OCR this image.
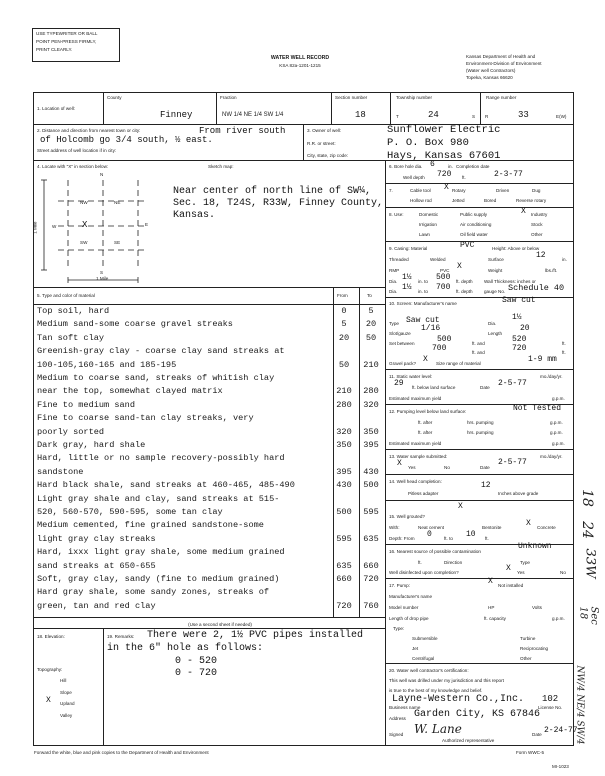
USE TYPEWRITER OR BALL
POINT PEN-PRESS FIRMLY,
PRINT CLEARLY.
WATER WELL RECORD
KSA 82a-1201-1215
Kansas Department of Health and
Environment-Division of Environment
(Water well Contractors)
Topeka, Kansas 66620
1. Location of well:
County
Finney
Fraction
NW 1/4 NE 1/4 SW 1/4
Section number
18
Township number
T	24	S
Range number
R	33	E(W)
2. Distance and direction from nearest town or city:	From river south
of Holcomb go 3/4 south, ½ east.
Street address of well location if in city:
3. Owner of well:
R.R. or street:
City, state, zip code:
Sunflower Electric
P. O. Box 980
Hays, Kansas 67601
4. Locate with "X" in section below:	Sketch map:
N
S
W	E
NW	NE
SW	SE
1 Mile
1 Mile
X
Near center of north line of SW¼,
Sec. 18, T24S, R33W, Finney County,
Kansas.
6. Bore hole dia. 6	in. Completion date
Well depth 720 ft.	2-3-77
7.	Cable tool X Rotary	Driven	Dug
Hollow rod	Jetted	Bored	Reverse rotary
8. Use:	Domestic	Public supply	X Industry
Irrigation	Air conditioning	Stock
Lawn	Oil field water	Other
9. Casing: Material	PVC	Height: Above or below
Threaded	Welded	Surface	12	in.
RMP	PVC X	Weight	lbs./ft.
Dia. 1½ in. to 500 ft. depth Wall Thickness: inches or
Dia. 1½ in. to 700 ft. depth gauge No. Schedule 40
5. Type and color of material	From	To
Top soil, hard	0	5
Medium sand-some coarse gravel streaks	5	20
Tan soft clay	20	50
Greenish-gray clay - coarse clay sand streaks at
100-105,160-165 and 185-195	50	210
Medium to coarse sand, streaks of whitish clay
near the top, somewhat clayed matrix	210	280
Fine to medium sand	280	320
Fine to coarse sand-tan clay streaks, very
poorly sorted	320	350
Dark gray, hard shale	350	395
Hard, little or no sample recovery-possibly hard
sandstone	395	430
Hard black shale, sand streaks at 460-465, 485-490	430	500
Light gray shale and clay, sand streaks at 515-
520, 560-570, 590-595, some tan clay	500	595
Medium cemented, fine grained sandstone-some
light gray clay streaks	595	635
Hard, ixxx light gray shale, some medium grained
sand streaks at 650-655	635	660
Soft, gray clay, sandy (fine to medium grained)	660	720
Hard gray shale, some sandy zones, streaks of
green, tan and red clay	720	760
(Use a second sheet if needed)
10. Screen: Manufacturer's name	Saw cut
Type Saw cut	Dia.
1½
Slot/gauze
1/16
Length
20
Set between	500	ft. and	520	ft.
700	ft. and	720	ft.
Gravel pack? X Size range of material	1-9 mm
11. Static water level:	mo./day/yr.
29 ft. below land surface	Date 2-5-77
Estimated maximum yield	g.p.m.
12. Pumping level below land surface:	Not Tested
ft. after	hrs. pumping	g.p.m.
ft. after	hrs. pumping	g.p.m.
Estimated maximum yield	g.p.m.
13. Water sample submitted:	mo./day/yr.
X Yes	No	Date
2-5-77
14. Well head completion:	12
Pitless adapter	Inches above grade
15. Well grouted?
X
With:	Neat cement	Bentonite	X Concrete
Depth: From 0	ft. to 10 ft.
16. Nearest source of possible contamination
Unknown
ft.	Direction	Type
Well disinfected upon completion?	X Yes	No
17. Pump:	X Not installed
Manufacturer's name
Model number	HP	Volts
Length of drop pipe	ft. capacity	g.p.m.
Type:
Submersible	Turbine
Jet	Reciprocating
Centrifugal	Other
18. Elevation:
Topography:
Hill
Slope
X Upland
Valley
19. Remarks: There were 2, 1½ PVC pipes installed
in the 6" hole as follows:
0 - 520
0 - 720	20. Water well contractor's certification:
This well was drilled under my jurisdiction and this report
is true to the best of my knowledge and belief.
Layne-Western Co.,Inc. 102
Business name	License No.
Address Garden City, KS 67846
Signed W. Lane
Authorized representative
Date 2-24-77
Forward the white, blue and pink copies to the Department of Health and Environment	Form WWC-5
MI-1023
18
24
33W
Sec 18
NW/4 NE/4 SW/4
